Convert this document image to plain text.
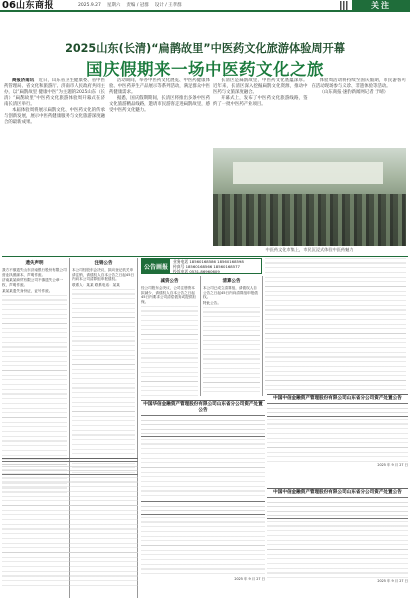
06 山东商报	2025.9.27 星期六 责编 / 冠群 设计 / 王孝群	关注
2025山东(长清)“扁鹊故里”中医药文化旅游体验周开幕
国庆假期来一场中医药文化之旅

商报济南讯　 近日，山东省卫生健康委、省中医药管理局、省文化和旅游厅、济南市人民政府共同主办，以“扁鹊故里 健康中医”为主题的2025山东（长清）“扁鹊故里”中医药文化旅游体验周开幕式在济南长清区举行。

本届体验周将展示扁鹊文化、中医药文化的传承与创新发展，展示中医药健康服务与文化旅游深度融合的最新成果。

活动期间，举办中医药文化展览、中医药健康体验、中医药养生产品展示等系列活动，满足群众中医药健康需求。

据悉，国庆假期期间，长清区将推出多条中医药文化旅游精品线路，邀请市民游客走进扁鹊故里，感受中医药文化魅力。

长清区是扁鹊故里，中医药文化底蕴深厚。近年来，长清区深入挖掘扁鹊文化资源，推动中医药与文旅深度融合。

开幕式上，发布了中医药文化旅游线路，签约了一批中医药产业项目。

体验周活动将持续至国庆假期，市民游客可在活动现场参与义诊、非遗体验等活动。

（山东商报·速豹新闻网记者 于晴）

中医药文化市集上，市民沉浸式体验中医药魅力
遗失声明

我方不慎遗失山东济南银行股份有限公司营业执照副本，声明作废。

济南某某商贸有限公司不慎遗失公章一枚，声明作废。

某某某遗失身份证，证号作废。

注销公告

本公司经股东会决议，拟向登记机关申请注销，请债权人自本公告之日起45日内向本公司清算组申报债权。

联系人：某某 联系电话：某某

公告画报
业务电话 18560168586 18560168598
传真号 18560168566 18560168577
投诉电话 0531-86960609
减资公告

经公司股东会决议，公司注册资本拟减少，请债权人自本公告之日起45日内要求公司清偿债务或提供担保。

清算公告

本公司已成立清算组，请债权人自公告之日起45日内向清算组申报债权。

特此公告。

中国华信金融资产管理股份有限公司山东省分公司资产处置公告
2025 年 9 月 27 日
中国中信金融资产管理股份有限公司山东省分公司资产处置公告
2025 年 9 月 27 日
中国中信金融资产管理股份有限公司山东省分公司资产处置公告
2025 年 9 月 27 日
